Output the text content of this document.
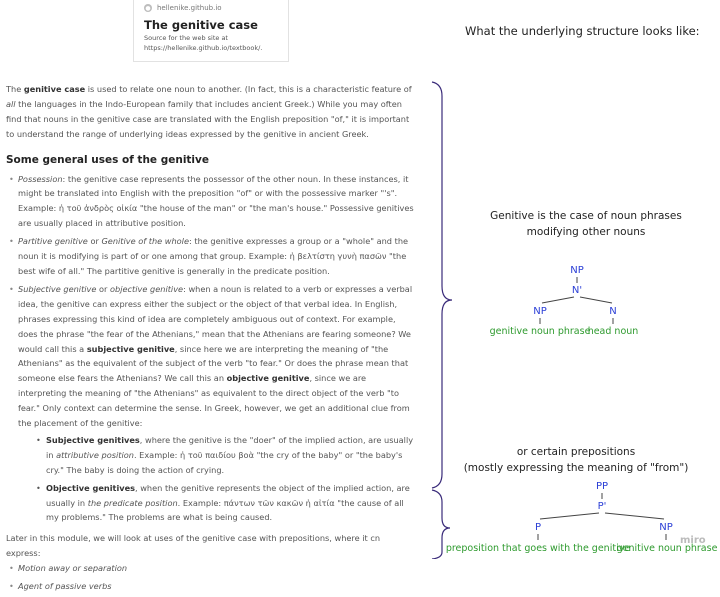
● hellenike.github.io
The genitive case
Source for the web site at
https://hellenike.github.io/textbook/.

The genitive case is used to relate one noun to another. (In fact, this is a characteristic feature of all the languages in the Indo-European family that includes ancient Greek.) While you may often find that nouns in the genitive case are translated with the English preposition "of," it is important to understand the range of underlying ideas expressed by the genitive in ancient Greek.

Some general uses of the genitive
• Possession: the genitive case represents the possessor of the other noun. In these instances, it might be translated into English with the preposition "of" or with the possessive marker "'s". Example: ἡ τοῦ ἀνδρὸς οἰκία "the house of the man" or "the man's house." Possessive genitives are usually placed in attributive position.
• Partitive genitive or Genitive of the whole: the genitive expresses a group or a "whole" and the noun it is modifying is part of or one among that group. Example: ἡ βελτίστη γυνὴ πασῶν "the best wife of all." The partitive genitive is generally in the predicate position.
• Subjective genitive or objective genitive: when a noun is related to a verb or expresses a verbal idea, the genitive can express either the subject or the object of that verbal idea. In English, phrases expressing this kind of idea are completely ambiguous out of context. For example, does the phrase "the fear of the Athenians," mean that the Athenians are fearing someone? We would call this a subjective genitive, since here we are interpreting the meaning of "the Athenians" as the equivalent of the subject of the verb "to fear." Or does the phrase mean that someone else fears the Athenians? We call this an objective genitive, since we are interpreting the meaning of "the Athenians" as equivalent to the direct object of the verb "to fear." Only context can determine the sense. In Greek, however, we get an additional clue from the placement of the genitive:
• Subjective genitives, where the genitive is the "doer" of the implied action, are usually in attributive position. Example: ἡ τοῦ παιδίου βοὰ "the cry of the baby" or "the baby's cry." The baby is doing the action of crying.
• Objective genitives, when the genitive represents the object of the implied action, are usually in the predicate position. Example: πάντων τῶν κακῶν ἡ αἰτία "the cause of all my problems." The problems are what is being caused.

Later in this module, we will look at uses of the genitive case with prepositions, where it cn express:

• Motion away or separation
• Agent of passive verbs
What the underlying structure looks like:
Genitive is the case of noun phrases
modifying other nouns
or certain prepositions
(mostly expressing the meaning of "from")
NP
N'
NP	N
genitive noun phrase
head noun
PP
P'
P	NP
preposition that goes with the genitive
genitive noun phrase
miro
